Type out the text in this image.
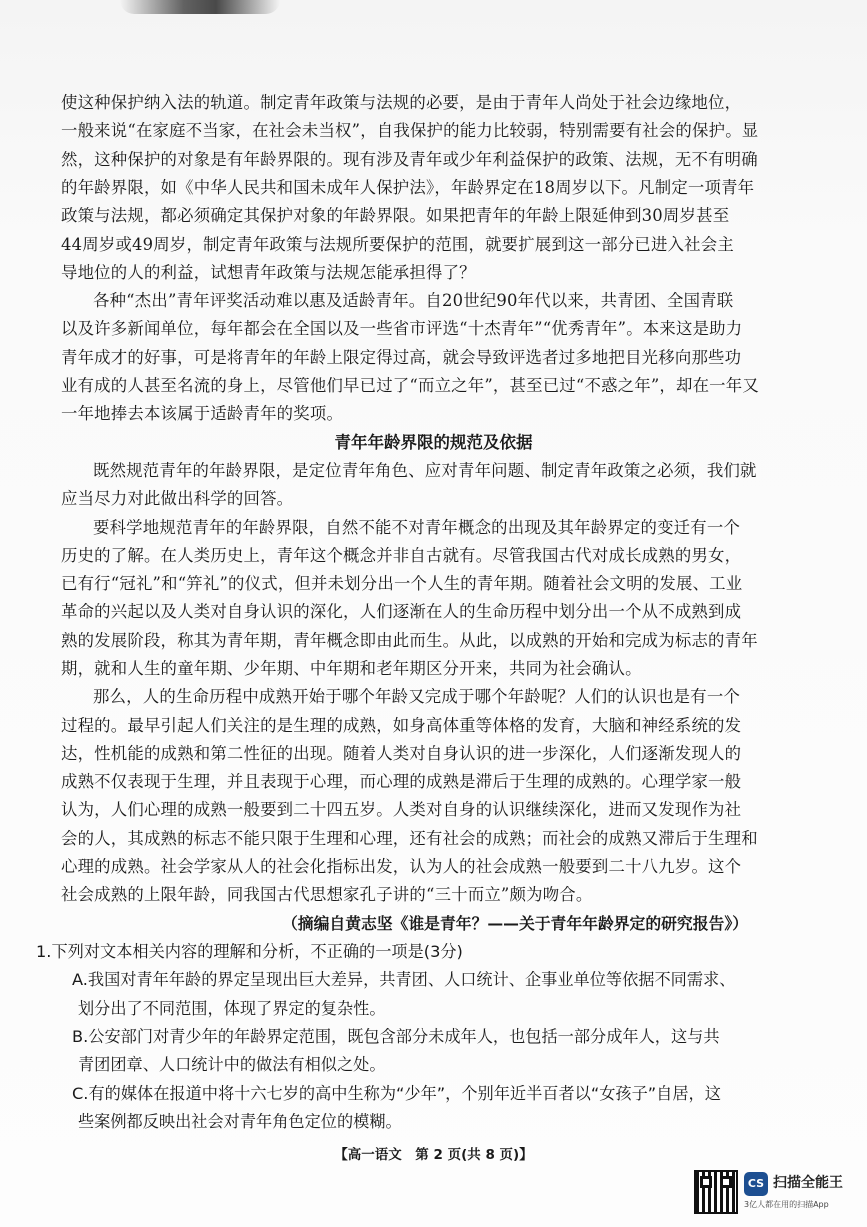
使这种保护纳入法的轨道。制定青年政策与法规的必要，是由于青年人尚处于社会边缘地位，
一般来说“在家庭不当家，在社会未当权”，自我保护的能力比较弱，特别需要有社会的保护。显
然，这种保护的对象是有年龄界限的。现有涉及青年或少年利益保护的政策、法规，无不有明确
的年龄界限，如《中华人民共和国未成年人保护法》，年龄界定在18周岁以下。凡制定一项青年
政策与法规，都必须确定其保护对象的年龄界限。如果把青年的年龄上限延伸到30周岁甚至
44周岁或49周岁，制定青年政策与法规所要保护的范围，就要扩展到这一部分已进入社会主
导地位的人的利益，试想青年政策与法规怎能承担得了？
各种“杰出”青年评奖活动难以惠及适龄青年。自20世纪90年代以来，共青团、全国青联
以及许多新闻单位，每年都会在全国以及一些省市评选“十杰青年”“优秀青年”。本来这是助力
青年成才的好事，可是将青年的年龄上限定得过高，就会导致评选者过多地把目光移向那些功
业有成的人甚至名流的身上，尽管他们早已过了“而立之年”，甚至已过“不惑之年”，却在一年又
一年地捧去本该属于适龄青年的奖项。
青年年龄界限的规范及依据
既然规范青年的年龄界限，是定位青年角色、应对青年问题、制定青年政策之必须，我们就
应当尽力对此做出科学的回答。
要科学地规范青年的年龄界限，自然不能不对青年概念的出现及其年龄界定的变迁有一个
历史的了解。在人类历史上，青年这个概念并非自古就有。尽管我国古代对成长成熟的男女，
已有行“冠礼”和“笄礼”的仪式，但并未划分出一个人生的青年期。随着社会文明的发展、工业
革命的兴起以及人类对自身认识的深化，人们逐渐在人的生命历程中划分出一个从不成熟到成
熟的发展阶段，称其为青年期，青年概念即由此而生。从此，以成熟的开始和完成为标志的青年
期，就和人生的童年期、少年期、中年期和老年期区分开来，共同为社会确认。
那么，人的生命历程中成熟开始于哪个年龄又完成于哪个年龄呢？人们的认识也是有一个
过程的。最早引起人们关注的是生理的成熟，如身高体重等体格的发育，大脑和神经系统的发
达，性机能的成熟和第二性征的出现。随着人类对自身认识的进一步深化，人们逐渐发现人的
成熟不仅表现于生理，并且表现于心理，而心理的成熟是滞后于生理的成熟的。心理学家一般
认为，人们心理的成熟一般要到二十四五岁。人类对自身的认识继续深化，进而又发现作为社
会的人，其成熟的标志不能只限于生理和心理，还有社会的成熟；而社会的成熟又滞后于生理和
心理的成熟。社会学家从人的社会化指标出发，认为人的社会成熟一般要到二十八九岁。这个
社会成熟的上限年龄，同我国古代思想家孔子讲的“三十而立”颇为吻合。
（摘编自黄志坚《谁是青年？——关于青年年龄界定的研究报告》）
1.下列对文本相关内容的理解和分析，不正确的一项是(3分)
A.我国对青年年龄的界定呈现出巨大差异，共青团、人口统计、企事业单位等依据不同需求、
划分出了不同范围，体现了界定的复杂性。
B.公安部门对青少年的年龄界定范围，既包含部分未成年人，也包括一部分成年人，这与共
青团团章、人口统计中的做法有相似之处。
C.有的媒体在报道中将十六七岁的高中生称为“少年”，个别年近半百者以“女孩子”自居，这
些案例都反映出社会对青年角色定位的模糊。
【高一语文　第 2 页(共 8 页)】
CS 扫描全能王
3亿人都在用的扫描App
